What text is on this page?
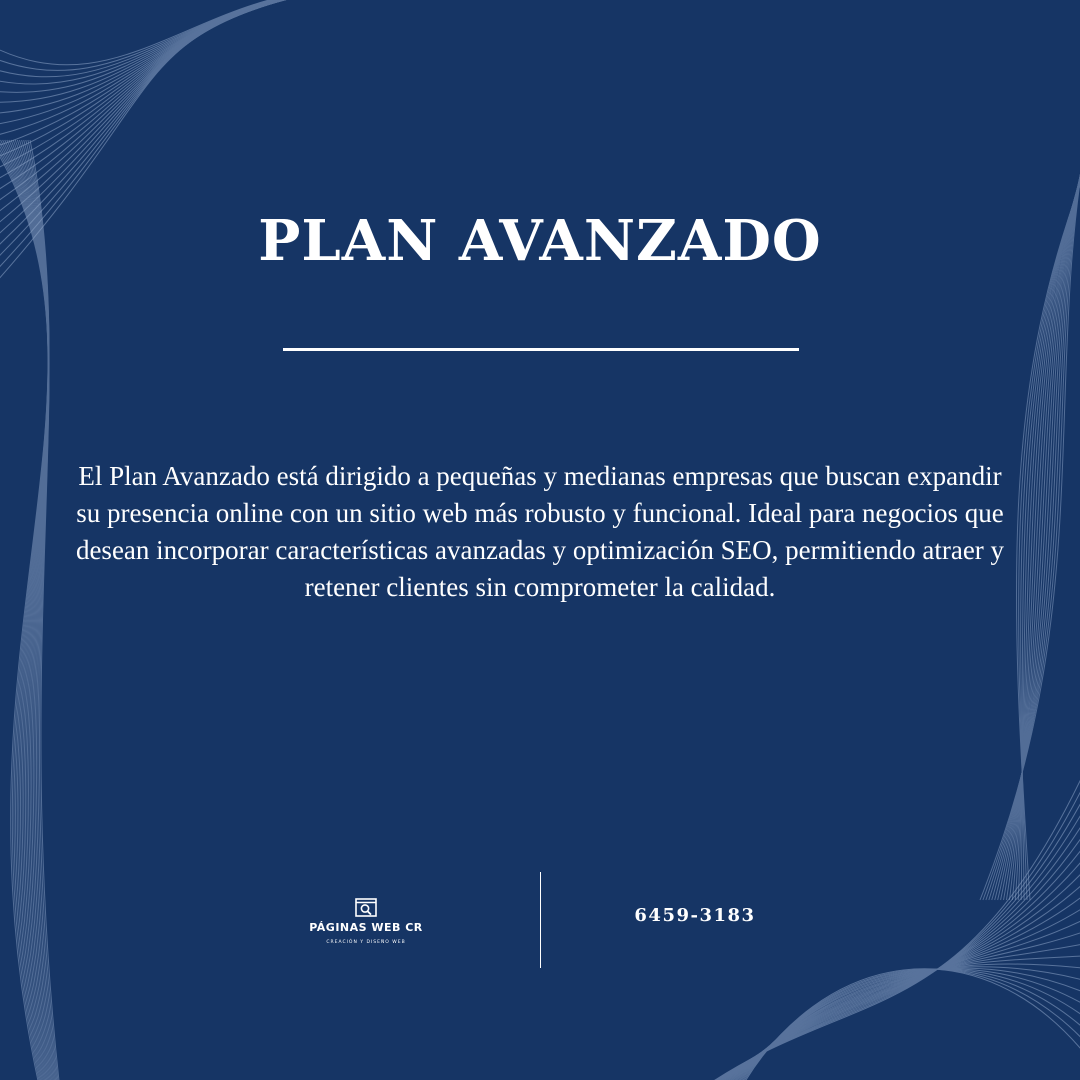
PLAN AVANZADO

El Plan Avanzado está dirigido a pequeñas y medianas empresas que buscan expandir su presencia online con un sitio web más robusto y funcional. Ideal para negocios que desean incorporar características avanzadas y optimización SEO, permitiendo atraer y retener clientes sin comprometer la calidad.

PÁGINAS WEB CR
CREACIÓN Y DISEÑO WEB
6459-3183
